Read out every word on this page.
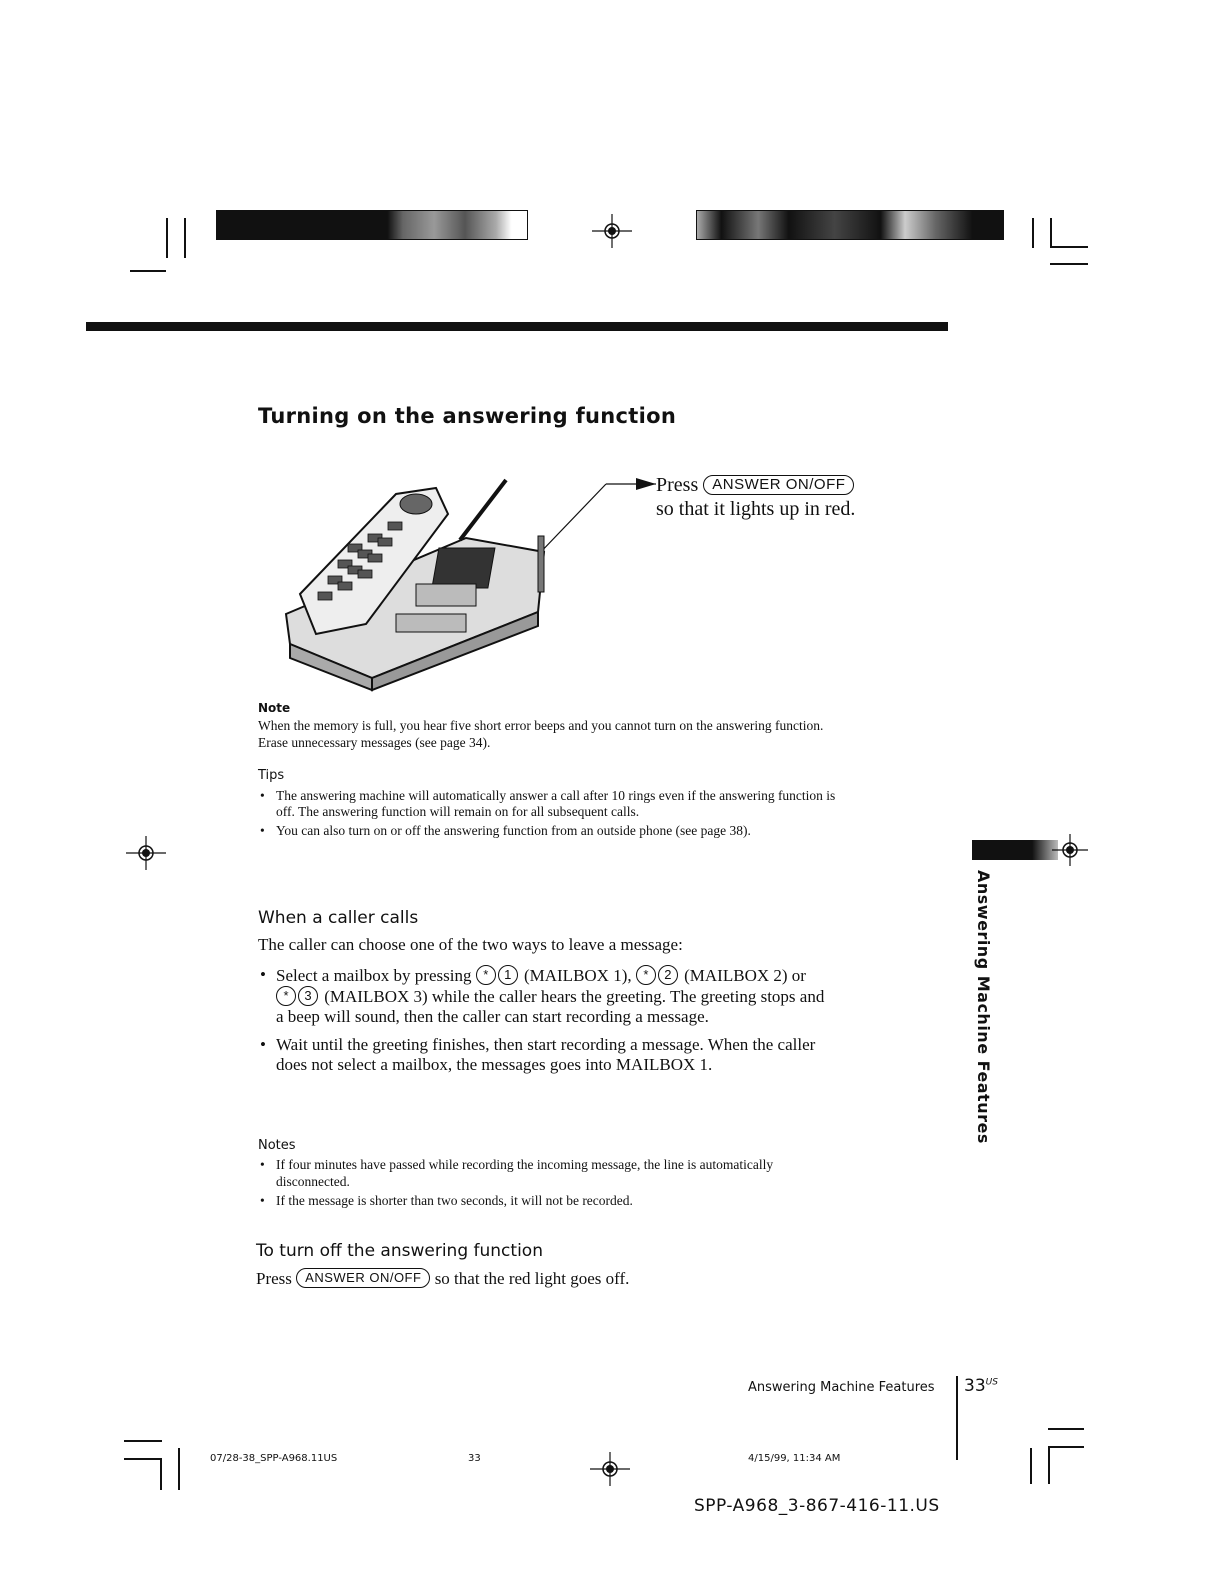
Turning on the answering function
Press ANSWER ON/OFF
so that it lights up in red.
Note
When the memory is full, you hear five short error beeps and you cannot turn on the answering function. Erase unnecessary messages (see page 34).
Tips
• The answering machine will automatically answer a call after 10 rings even if the answering function is off. The answering function will remain on for all subsequent calls.
• You can also turn on or off the answering function from an outside phone (see page 38).
When a caller calls
The caller can choose one of the two ways to leave a message:
• Select a mailbox by pressing * 1 (MAILBOX 1), * 2 (MAILBOX 2) or * 3 (MAILBOX 3) while the caller hears the greeting. The greeting stops and a beep will sound, then the caller can start recording a message.
• Wait until the greeting finishes, then start recording a message. When the caller does not select a mailbox, the messages goes into MAILBOX 1.
Notes
• If four minutes have passed while recording the incoming message, the line is automatically disconnected.
• If the message is shorter than two seconds, it will not be recorded.
To turn off the answering function
Press ANSWER ON/OFF so that the red light goes off.
Answering Machine Features
Answering Machine Features $33^{US}$
07/28-38_SPP-A968.11US	33	4/15/99, 11:34 AM
SPP-A968_3-867-416-11.US
